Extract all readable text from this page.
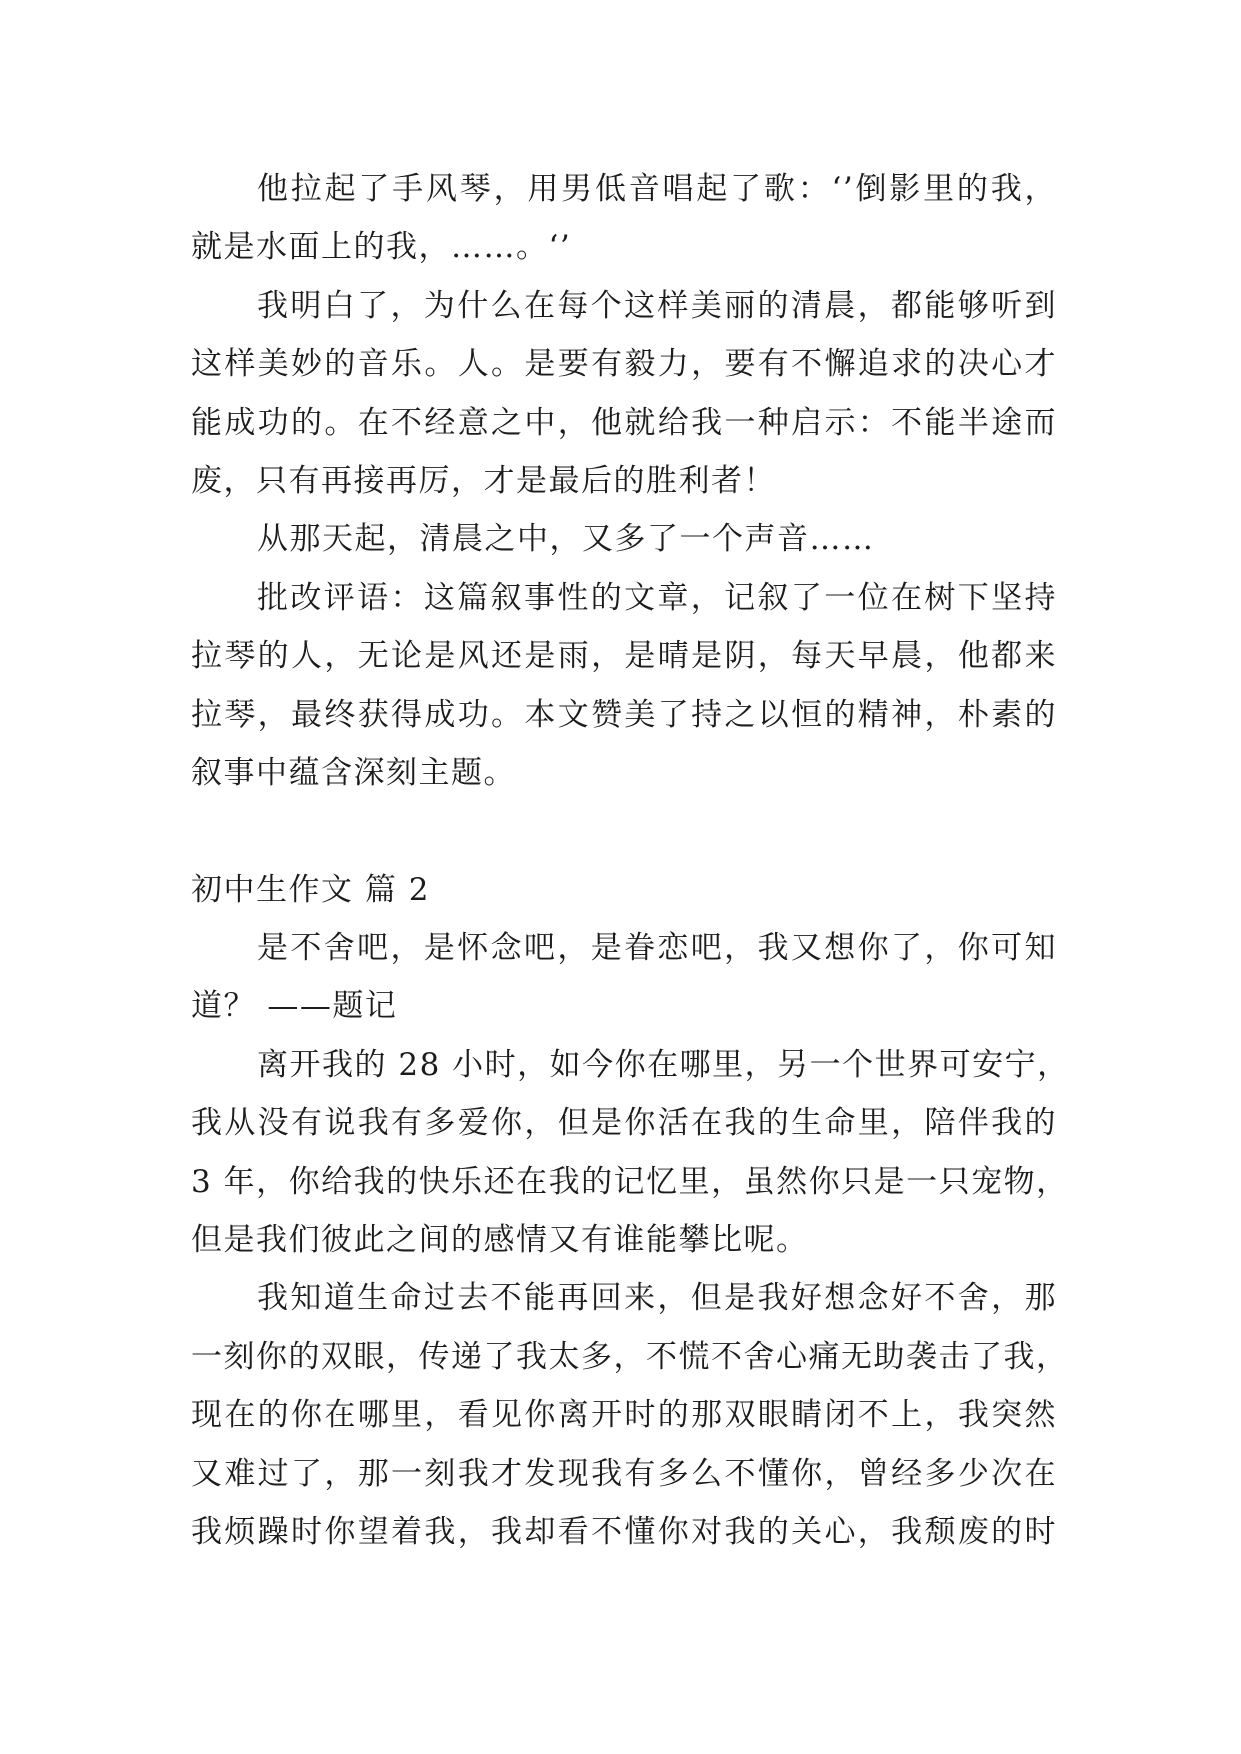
他拉起了手风琴，用男低音唱起了歌：‘’倒影里的我，
就是水面上的我，……。‘’
我明白了，为什么在每个这样美丽的清晨，都能够听到
这样美妙的音乐。人。是要有毅力，要有不懈追求的决心才
能成功的。在不经意之中，他就给我一种启示：不能半途而
废，只有再接再厉，才是最后的胜利者！
从那天起，清晨之中，又多了一个声音……
批改评语：这篇叙事性的文章，记叙了一位在树下坚持
拉琴的人，无论是风还是雨，是晴是阴，每天早晨，他都来
拉琴，最终获得成功。本文赞美了持之以恒的精神，朴素的
叙事中蕴含深刻主题。
初中生作文 篇 2
是不舍吧，是怀念吧，是眷恋吧，我又想你了，你可知
道？ ——题记
离开我的 28 小时，如今你在哪里，另一个世界可安宁，
我从没有说我有多爱你，但是你活在我的生命里，陪伴我的
3 年，你给我的快乐还在我的记忆里，虽然你只是一只宠物，
但是我们彼此之间的感情又有谁能攀比呢。
我知道生命过去不能再回来，但是我好想念好不舍，那
一刻你的双眼，传递了我太多，不慌不舍心痛无助袭击了我，
现在的你在哪里，看见你离开时的那双眼睛闭不上，我突然
又难过了，那一刻我才发现我有多么不懂你，曾经多少次在
我烦躁时你望着我，我却看不懂你对我的关心，我颓废的时
